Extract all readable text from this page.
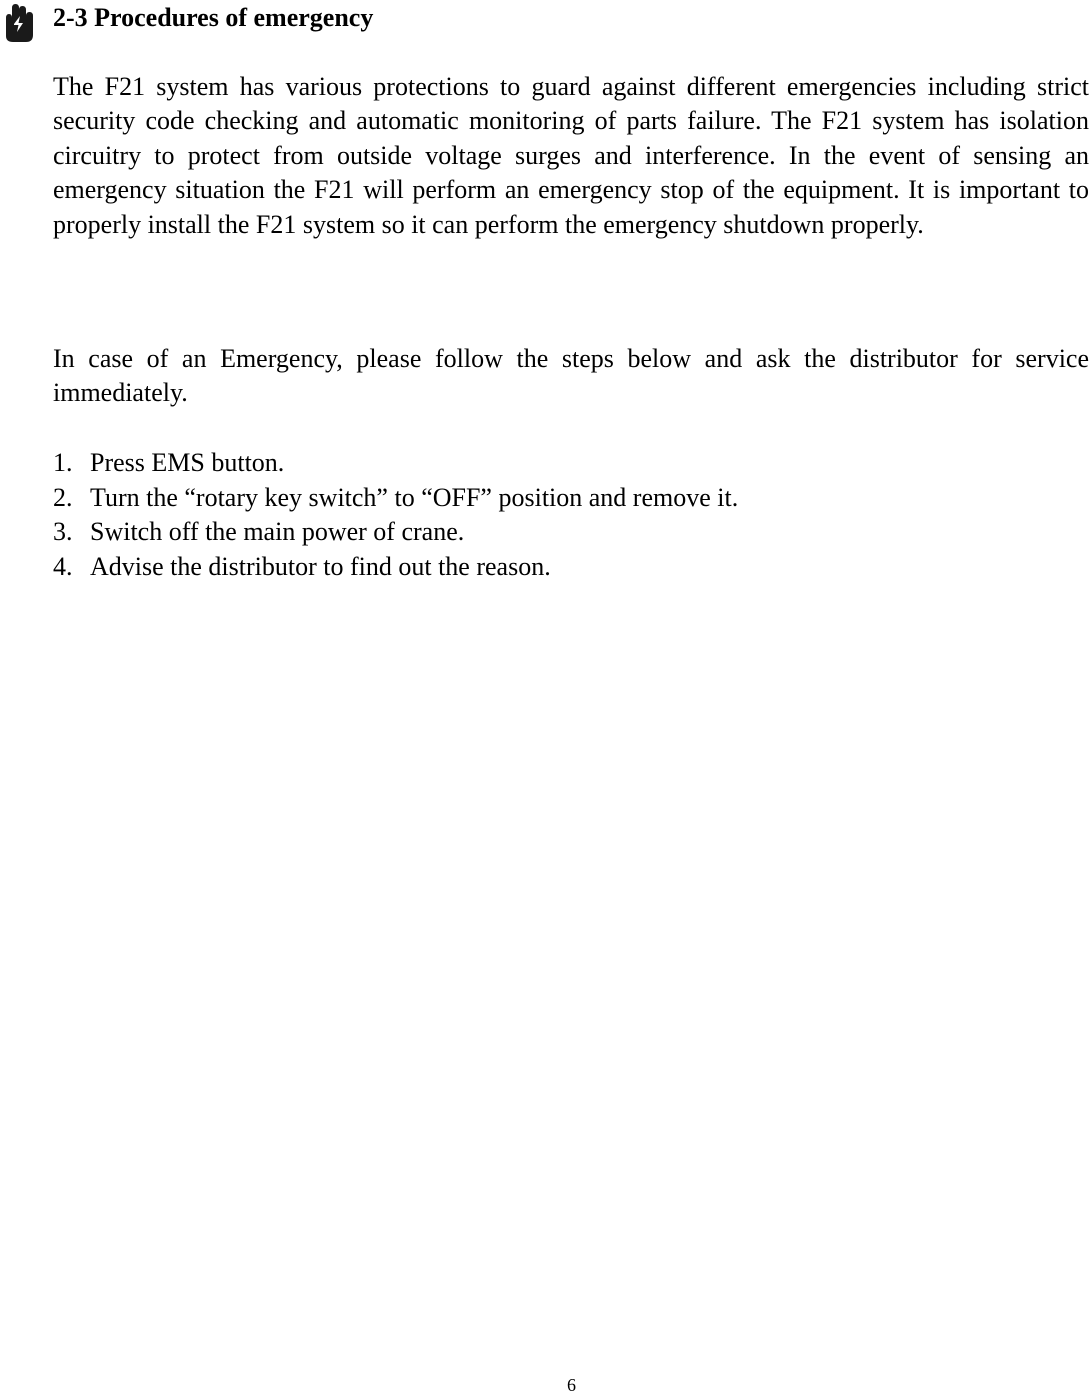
2-3 Procedures of emergency

The F21 system has various protections to guard against different emergencies including strict security code checking and automatic monitoring of parts failure. The F21 system has isolation circuitry to protect from outside voltage surges and interference. In the event of sensing an emergency situation the F21 will perform an emergency stop of the equipment. It is important to properly install the F21 system so it can perform the emergency shutdown properly.

In case of an Emergency, please follow the steps below and ask the distributor for service immediately.

1. Press EMS button.
2. Turn the “rotary key switch” to “OFF” position and remove it.
3. Switch off the main power of crane.
4. Advise the distributor to find out the reason.
6
